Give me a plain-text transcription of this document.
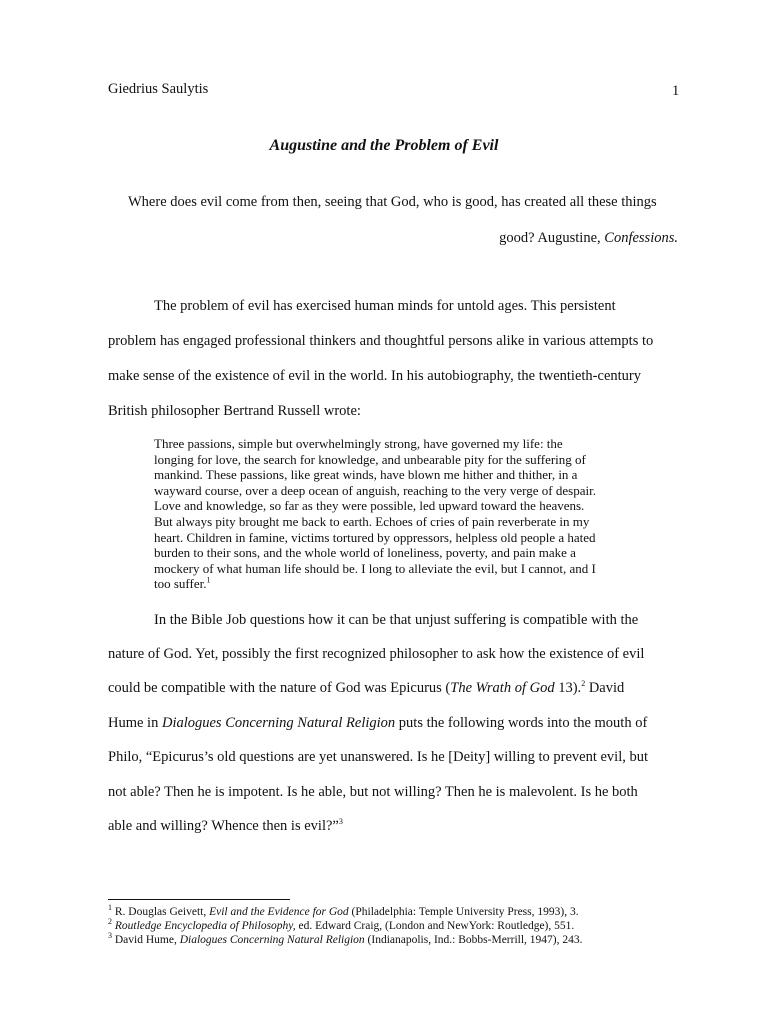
Giedrius Saulytis	1
Augustine and the Problem of Evil
Where does evil come from then, seeing that God, who is good, has created all these things
good? Augustine, Confessions.
The problem of evil has exercised human minds for untold ages. This persistent
problem has engaged professional thinkers and thoughtful persons alike in various attempts to
make sense of the existence of evil in the world. In his autobiography, the twentieth-century
British philosopher Bertrand Russell wrote:
Three passions, simple but overwhelmingly strong, have governed my life: the
longing for love, the search for knowledge, and unbearable pity for the suffering of
mankind. These passions, like great winds, have blown me hither and thither, in a
wayward course, over a deep ocean of anguish, reaching to the very verge of despair.
Love and knowledge, so far as they were possible, led upward toward the heavens.
But always pity brought me back to earth. Echoes of cries of pain reverberate in my
heart. Children in famine, victims tortured by oppressors, helpless old people a hated
burden to their sons, and the whole world of loneliness, poverty, and pain make a
mockery of what human life should be. I long to alleviate the evil, but I cannot, and I
too suffer.$^1$
In the Bible Job questions how it can be that unjust suffering is compatible with the
nature of God. Yet, possibly the first recognized philosopher to ask how the existence of evil
could be compatible with the nature of God was Epicurus (The Wrath of God 13).$^2$ David
Hume in Dialogues Concerning Natural Religion puts the following words into the mouth of
Philo, “Epicurus’s old questions are yet unanswered. Is he [Deity] willing to prevent evil, but
not able? Then he is impotent. Is he able, but not willing? Then he is malevolent. Is he both
able and willing? Whence then is evil?”$^3$
$^1$ R. Douglas Geivett, Evil and the Evidence for God (Philadelphia: Temple University Press, 1993), 3.
$^2$ Routledge Encyclopedia of Philosophy, ed. Edward Craig, (London and NewYork: Routledge), 551.
$^3$ David Hume, Dialogues Concerning Natural Religion (Indianapolis, Ind.: Bobbs-Merrill, 1947), 243.
